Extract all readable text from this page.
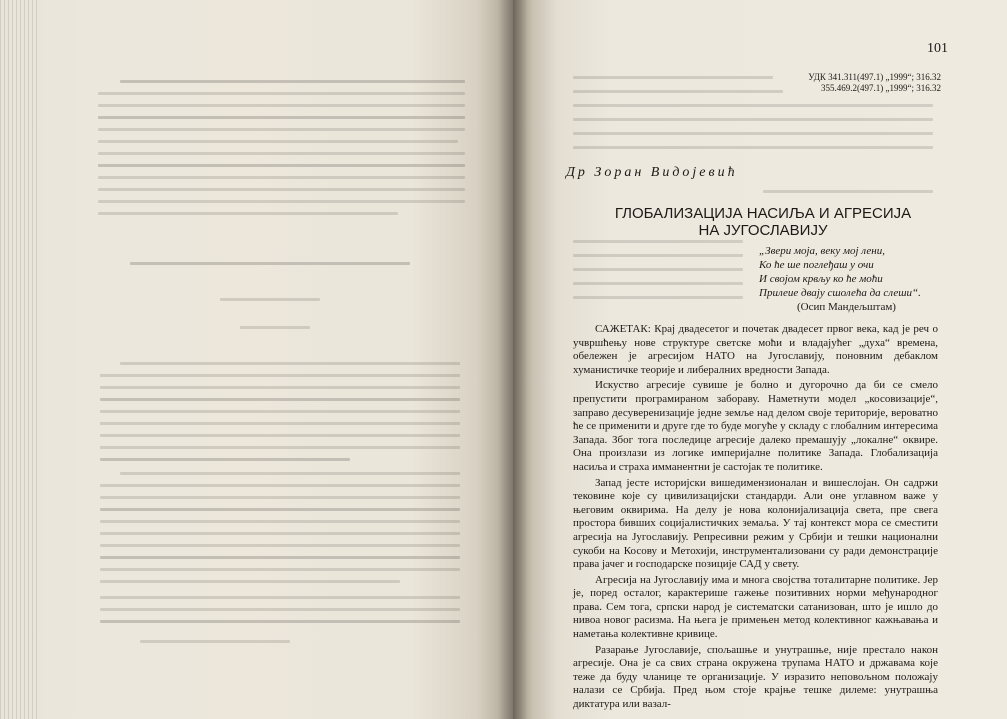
101
УДК 341.311(497.1) „1999“; 316.32
355.469.2(497.1) „1999“; 316.32
Др Зоран Видојевић
ГЛОБАЛИЗАЦИЈА НАСИЉА И АГРЕСИЈА
НА ЈУГОСЛАВИЈУ
„Звери моја, веку мој лени,
Ко ће ше поглеђаш у очи
И својом крвљу ко ће моћи
Прилеие двају сшолећа да слеши“.
(Осип Мандељштам)

САЖЕТАК: Крај двадесетог и почетак двадесет првог века, кад је реч о учвршћењу нове структуре светске моћи и владајућег „духа“ времена, обележен је агресијом НАТО на Југославију, поновним дебаклом хуманистичке теорије и либералних вредности Запада.

Искуство агресије сувише је болно и дугорочно да би се смело препустити програмираном забораву. Наметнути модел „косовизације“, заправо десуверенизације једне земље над делом своје територије, вероватно ће се применити и друге где то буде могуће у складу с глобалним интересима Запада. Због тога последице агресије далеко премашују „локалне“ оквире. Она произлази из логике империјалне политике Запада. Глобализација насиља и страха имманентни је састојак те политике.

Запад јесте историјски вишедимензионалан и вишеслојан. Он садржи тековине које су цивилизацијски стандарди. Али оне углавном важе у његовим оквирима. На делу је нова колонијализација света, пре свега простора бивших социјалистичких земаља. У тај контекст мора се сместити агресија на Југославију. Репресивни режим у Србији и тешки национални сукоби на Косову и Метохији, инструментализовани су ради демонстрације права јачег и господарске позиције САД у свету.

Агресија на Југославију има и многа својства тоталитарне политике. Јер је, поред осталог, карактерише гажење позитивних норми међународног права. Сем тога, српски народ је систематски сатанизован, што је ишло до нивоа новог расизма. На њега је примењен метод колективног кажњавања и наметања колективне кривице.

Разарање Југославије, спољашње и унутрашње, није престало након агресије. Она је са свих страна окружена трупама НАТО и државама које теже да буду чланице те организације. У изразито неповољном положају налази се Србија. Пред њом стоје крајње тешке дилеме: унутрашња диктатура или вазал-
